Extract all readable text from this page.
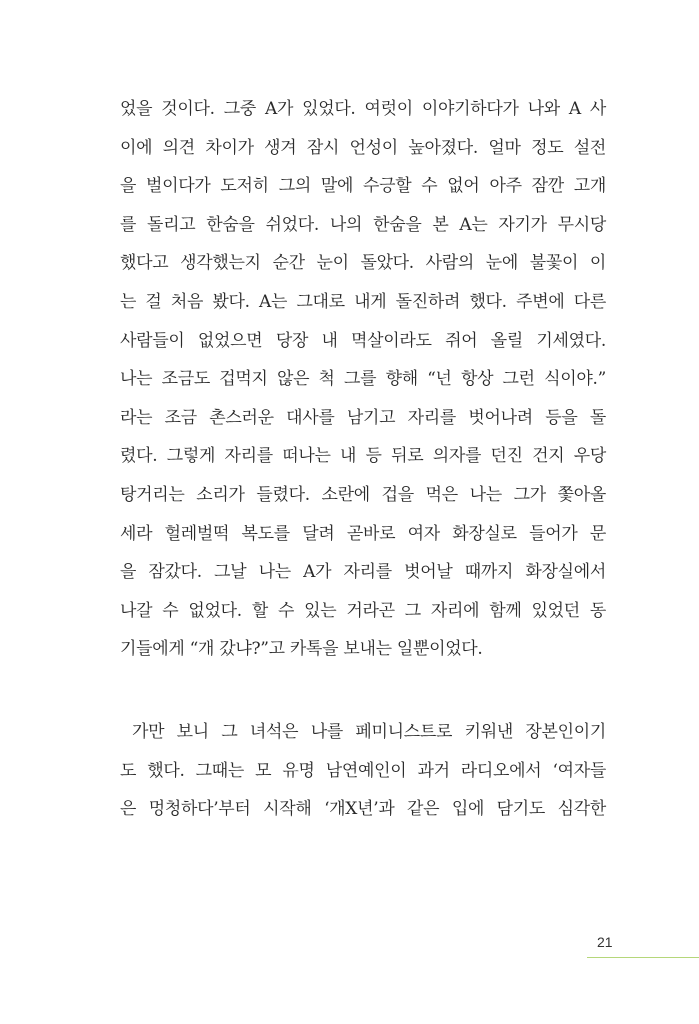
었을 것이다. 그중 A가 있었다. 여럿이 이야기하다가 나와 A 사
이에 의견 차이가 생겨 잠시 언성이 높아졌다. 얼마 정도 설전
을 벌이다가 도저히 그의 말에 수긍할 수 없어 아주 잠깐 고개
를 돌리고 한숨을 쉬었다. 나의 한숨을 본 A는 자기가 무시당
했다고 생각했는지 순간 눈이 돌았다. 사람의 눈에 불꽃이 이
는 걸 처음 봤다. A는 그대로 내게 돌진하려 했다. 주변에 다른
사람들이 없었으면 당장 내 멱살이라도 쥐어 올릴 기세였다.
나는 조금도 겁먹지 않은 척 그를 향해 “넌 항상 그런 식이야.”
라는 조금 촌스러운 대사를 남기고 자리를 벗어나려 등을 돌
렸다. 그렇게 자리를 떠나는 내 등 뒤로 의자를 던진 건지 우당
탕거리는 소리가 들렸다. 소란에 겁을 먹은 나는 그가 쫓아올
세라 헐레벌떡 복도를 달려 곧바로 여자 화장실로 들어가 문
을 잠갔다. 그날 나는 A가 자리를 벗어날 때까지 화장실에서
나갈 수 없었다. 할 수 있는 거라곤 그 자리에 함께 있었던 동
기들에게 “개 갔냐?”고 카톡을 보내는 일뿐이었다.
가만 보니 그 녀석은 나를 페미니스트로 키워낸 장본인이기
도 했다. 그때는 모 유명 남연예인이 과거 라디오에서 ‘여자들
은 멍청하다’부터 시작해 ‘개X년’과 같은 입에 담기도 심각한
21
